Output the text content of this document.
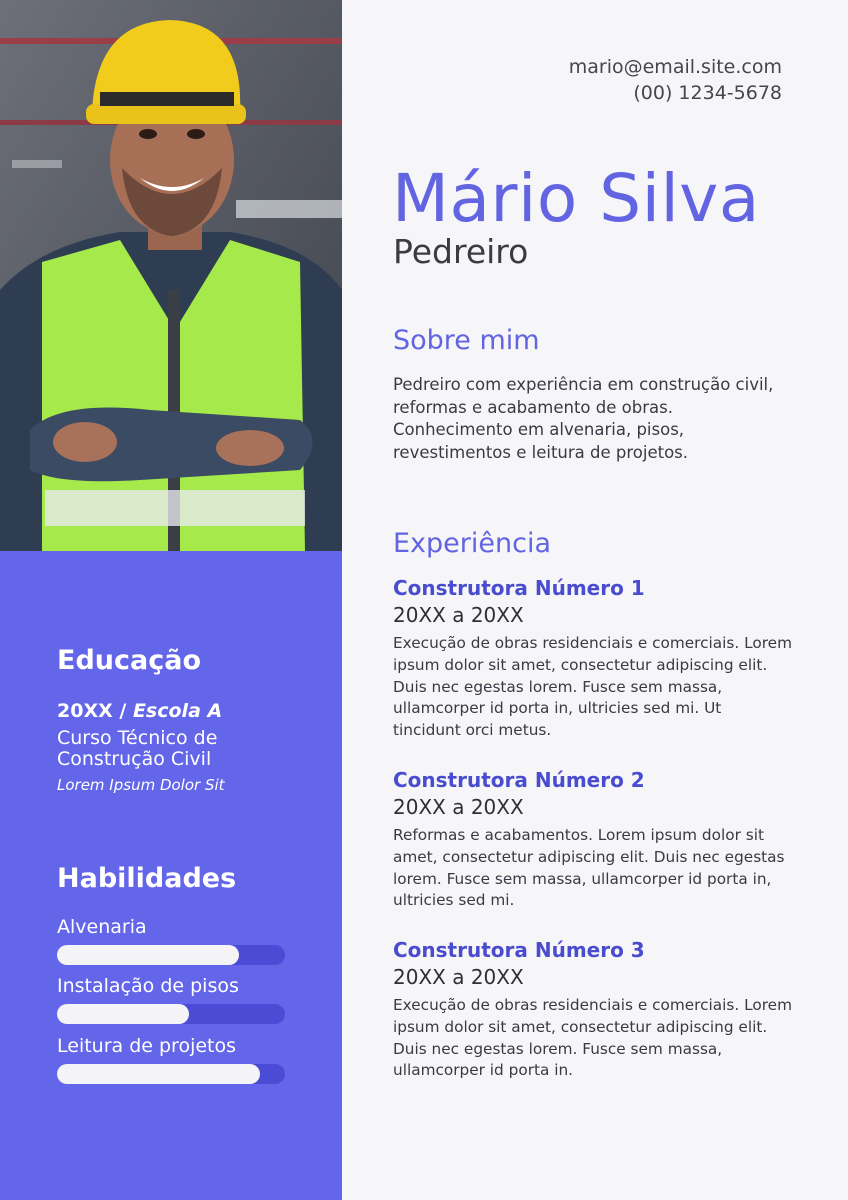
Educação
20XX / Escola A
Curso Técnico de Construção Civil
Lorem Ipsum Dolor Sit
Habilidades
Alvenaria
Instalação de pisos
Leitura de projetos
mario@email.site.com
(00) 1234-5678
Mário Silva
Pedreiro
Sobre mim
Pedreiro com experiência em construção civil, reformas e acabamento de obras. Conhecimento em alvenaria, pisos, revestimentos e leitura de projetos.
Experiência
Construtora Número 1
20XX a 20XX
Execução de obras residenciais e comerciais. Lorem ipsum dolor sit amet, consectetur adipiscing elit. Duis nec egestas lorem. Fusce sem massa, ullamcorper id porta in, ultricies sed mi. Ut tincidunt orci metus.
Construtora Número 2
20XX a 20XX
Reformas e acabamentos. Lorem ipsum dolor sit amet, consectetur adipiscing elit. Duis nec egestas lorem. Fusce sem massa, ullamcorper id porta in, ultricies sed mi.
Construtora Número 3
20XX a 20XX
Execução de obras residenciais e comerciais. Lorem ipsum dolor sit amet, consectetur adipiscing elit. Duis nec egestas lorem. Fusce sem massa, ullamcorper id porta in.
